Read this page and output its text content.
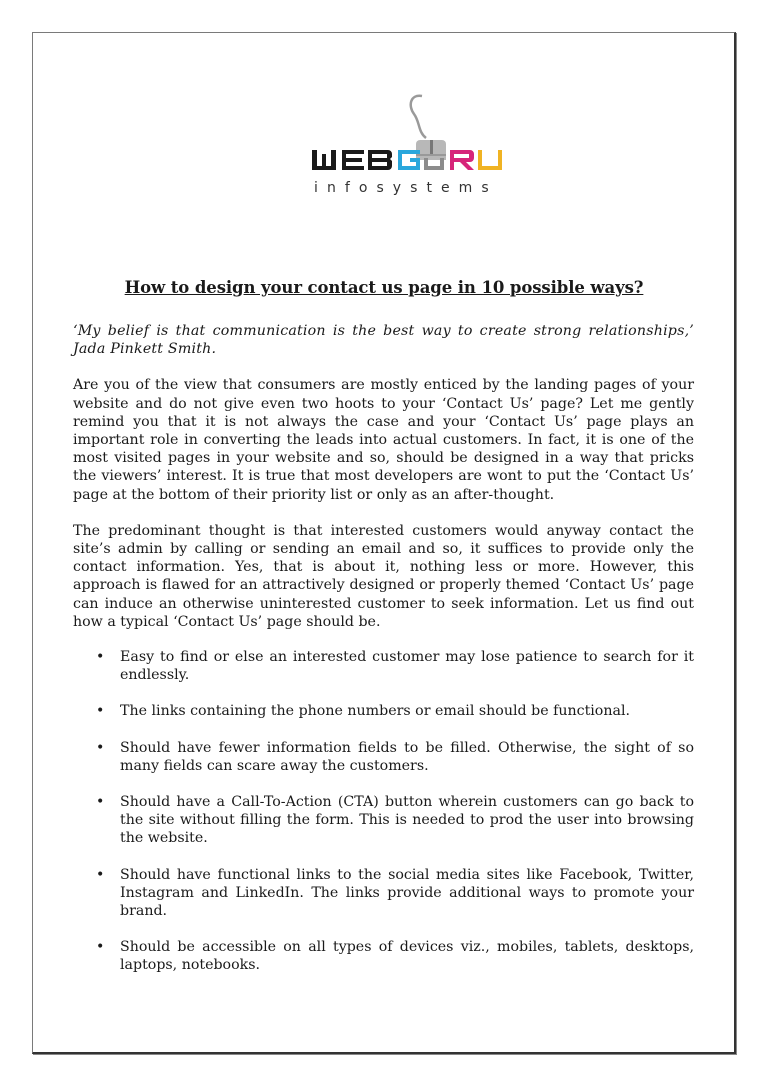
i n f o s y s t e m s
How to design your contact us page in 10 possible ways?

‘My belief is that communication is the best way to create strong relationships,’ Jada Pinkett Smith.

Are you of the view that consumers are mostly enticed by the landing pages of your website and do not give even two hoots to your ‘Contact Us’ page? Let me gently remind you that it is not always the case and your ‘Contact Us’ page plays an important role in converting the leads into actual customers. In fact, it is one of the most visited pages in your website and so, should be designed in a way that pricks the viewers’ interest. It is true that most developers are wont to put the ‘Contact Us’ page at the bottom of their priority list or only as an after-thought.

The predominant thought is that interested customers would anyway contact the site’s admin by calling or sending an email and so, it suffices to provide only the contact information. Yes, that is about it, nothing less or more. However, this approach is flawed for an attractively designed or properly themed ‘Contact Us’ page can induce an otherwise uninterested customer to seek information. Let us find out how a typical ‘Contact Us’ page should be.

• Easy to find or else an interested customer may lose patience to search for it endlessly.
• The links containing the phone numbers or email should be functional.
• Should have fewer information fields to be filled. Otherwise, the sight of so many fields can scare away the customers.
• Should have a Call-To-Action (CTA) button wherein customers can go back to the site without filling the form. This is needed to prod the user into browsing the website.
• Should have functional links to the social media sites like Facebook, Twitter, Instagram and LinkedIn. The links provide additional ways to promote your brand.
• Should be accessible on all types of devices viz., mobiles, tablets, desktops, laptops, notebooks.
